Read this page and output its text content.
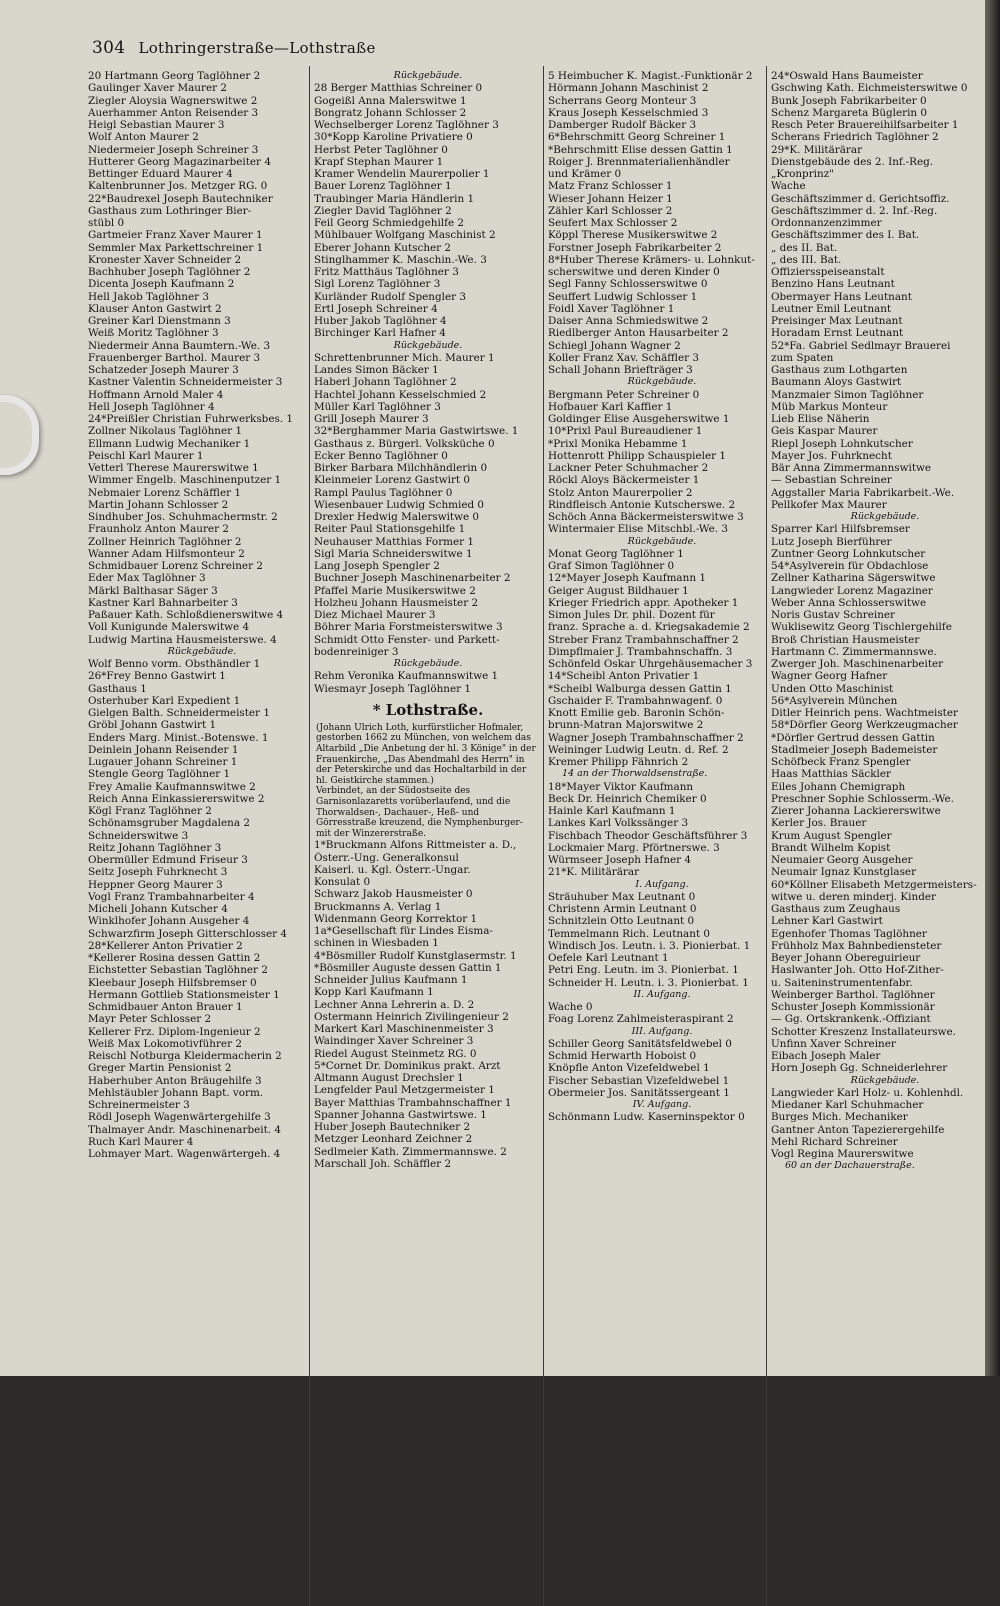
304 Lothringerstraße—Lothstraße
20 Hartmann Georg Taglöhner 2
Gaulinger Xaver Maurer 2
Ziegler Aloysia Wagnerswitwe 2
Auerhammer Anton Reisender 3
Heigl Sebastian Maurer 3
Wolf Anton Maurer 2
Niedermeier Joseph Schreiner 3
Hutterer Georg Magazinarbeiter 4
Bettinger Eduard Maurer 4
Kaltenbrunner Jos. Metzger RG. 0
22*Baudrexel Joseph Bautechniker
Gasthaus zum Lothringer Bier-
stübl 0
Gartmeier Franz Xaver Maurer 1
Semmler Max Parkettschreiner 1
Kronester Xaver Schneider 2
Bachhuber Joseph Taglöhner 2
Dicenta Joseph Kaufmann 2
Hell Jakob Taglöhner 3
Klauser Anton Gastwirt 2
Greiner Karl Dienstmann 3
Weiß Moritz Taglöhner 3
Niedermeir Anna Baumtern.-We. 3
Frauenberger Barthol. Maurer 3
Schatzeder Joseph Maurer 3
Kastner Valentin Schneidermeister 3
Hoffmann Arnold Maler 4
Hell Joseph Taglöhner 4
24*Preißler Christian Fuhrwerksbes. 1
Zollner Nikolaus Taglöhner 1
Ellmann Ludwig Mechaniker 1
Peischl Karl Maurer 1
Vetterl Therese Maurerswitwe 1
Wimmer Engelb. Maschinenputzer 1
Nebmaier Lorenz Schäffler 1
Martin Johann Schlosser 2
Sindhuber Jos. Schuhmachermstr. 2
Fraunholz Anton Maurer 2
Zollner Heinrich Taglöhner 2
Wanner Adam Hilfsmonteur 2
Schmidbauer Lorenz Schreiner 2
Eder Max Taglöhner 3
Märkl Balthasar Säger 3
Kastner Karl Bahnarbeiter 3
Paßauer Kath. Schloßdienerswitwe 4
Voll Kunigunde Malerswitwe 4
Ludwig Martina Hausmeisterswe. 4
Rückgebäude.
Wolf Benno vorm. Obsthändler 1
26*Frey Benno Gastwirt 1
Gasthaus 1
Osterhuber Karl Expedient 1
Gielgen Balth. Schneidermeister 1
Gröbl Johann Gastwirt 1
Enders Marg. Minist.-Botenswe. 1
Deinlein Johann Reisender 1
Lugauer Johann Schreiner 1
Stengle Georg Taglöhner 1
Frey Amalie Kaufmannswitwe 2
Reich Anna Einkassiererswitwe 2
Kögl Franz Taglöhner 2
Schönamsgruber Magdalena 2
Schneiderswitwe 3
Reitz Johann Taglöhner 3
Obermüller Edmund Friseur 3
Seitz Joseph Fuhrknecht 3
Heppner Georg Maurer 3
Vogl Franz Trambahnarbeiter 4
Micheli Johann Kutscher 4
Winklhofer Johann Ausgeher 4
Schwarzfirm Joseph Gitterschlosser 4
28*Kellerer Anton Privatier 2
*Kellerer Rosina dessen Gattin 2
Eichstetter Sebastian Taglöhner 2
Kleebaur Joseph Hilfsbremser 0
Hermann Gottlieb Stationsmeister 1
Schmidbauer Anton Brauer 1
Mayr Peter Schlosser 2
Kellerer Frz. Diplom-Ingenieur 2
Weiß Max Lokomotivführer 2
Reischl Notburga Kleidermacherin 2
Greger Martin Pensionist 2
Haberhuber Anton Bräugehilfe 3
Mehlstäubler Johann Bapt. vorm.
Schreinermeister 3
Rödl Joseph Wagenwärtergehilfe 3
Thalmayer Andr. Maschinenarbeit. 4
Ruch Karl Maurer 4
Lohmayer Mart. Wagenwärtergeh. 4
Rückgebäude.
28 Berger Matthias Schreiner 0
Gogeißl Anna Malerswitwe 1
Bongratz Johann Schlosser 2
Wechselberger Lorenz Taglöhner 3
30*Kopp Karoline Privatiere 0
Herbst Peter Taglöhner 0
Krapf Stephan Maurer 1
Kramer Wendelin Maurerpolier 1
Bauer Lorenz Taglöhner 1
Traubinger Maria Händlerin 1
Ziegler David Taglöhner 2
Feil Georg Schmiedgehilfe 2
Mühlbauer Wolfgang Maschinist 2
Eberer Johann Kutscher 2
Stinglhammer K. Maschin.-We. 3
Fritz Matthäus Taglöhner 3
Sigl Lorenz Taglöhner 3
Kurländer Rudolf Spengler 3
Ertl Joseph Schreiner 4
Huber Jakob Taglöhner 4
Birchinger Karl Hafner 4
Rückgebäude.
Schrettenbrunner Mich. Maurer 1
Landes Simon Bäcker 1
Haberl Johann Taglöhner 2
Hachtel Johann Kesselschmied 2
Müller Karl Taglöhner 3
Grill Joseph Maurer 3
32*Berghammer Maria Gastwirtswe. 1
Gasthaus z. Bürgerl. Volksküche 0
Ecker Benno Taglöhner 0
Birker Barbara Milchhändlerin 0
Kleinmeier Lorenz Gastwirt 0
Rampl Paulus Taglöhner 0
Wiesenbauer Ludwig Schmied 0
Drexler Hedwig Malerswitwe 0
Reiter Paul Stationsgehilfe 1
Neuhauser Matthias Former 1
Sigl Maria Schneiderswitwe 1
Lang Joseph Spengler 2
Buchner Joseph Maschinenarbeiter 2
Pfaffel Marie Musikerswitwe 2
Holzheu Johann Hausmeister 2
Diez Michael Maurer 3
Böhrer Maria Forstmeisterswitwe 3
Schmidt Otto Fenster- und Parkett-
bodenreiniger 3
Rückgebäude.
Rehm Veronika Kaufmannswitwe 1
Wiesmayr Joseph Taglöhner 1
* Lothstraße.
(Johann Ulrich Loth, kurfürstlicher Hofmaler, gestorben 1662 zu München, von welchem das Altarbild „Die Anbetung der hl. 3 Könige" in der Frauenkirche, „Das Abendmahl des Herrn" in der Peterskirche und das Hochaltarbild in der hl. Geistkirche stammen.)
Verbindet, an der Südostseite des Garnisonlazaretts vorüberlaufend, und die Thorwaldsen-, Dachauer-, Heß- und Görresstraße kreuzend, die Nymphenburger- mit der Winzererstraße.
1*Bruckmann Alfons Rittmeister a. D.,
Österr.-Ung. Generalkonsul
Kaiserl. u. Kgl. Österr.-Ungar.
Konsulat 0
Schwarz Jakob Hausmeister 0
Bruckmanns A. Verlag 1
Widenmann Georg Korrektor 1
1a*Gesellschaft für Lindes Eisma-
schinen in Wiesbaden 1
4*Bösmiller Rudolf Kunstglasermstr. 1
*Bösmiller Auguste dessen Gattin 1
Schneider Julius Kaufmann 1
Kopp Karl Kaufmann 1
Lechner Anna Lehrerin a. D. 2
Ostermann Heinrich Zivilingenieur 2
Markert Karl Maschinenmeister 3
Waindinger Xaver Schreiner 3
Riedel August Steinmetz RG. 0
5*Cornet Dr. Dominikus prakt. Arzt
Altmann August Drechsler 1
Lengfelder Paul Metzgermeister 1
Bayer Matthias Trambahnschaffner 1
Spanner Johanna Gastwirtswe. 1
Huber Joseph Bautechniker 2
Metzger Leonhard Zeichner 2
Sedlmeier Kath. Zimmermannswe. 2
Marschall Joh. Schäffler 2
5 Heimbucher K. Magist.-Funktionär 2
Hörmann Johann Maschinist 2
Scherrans Georg Monteur 3
Kraus Joseph Kesselschmied 3
Damberger Rudolf Bäcker 3
6*Behrschmitt Georg Schreiner 1
*Behrschmitt Elise dessen Gattin 1
Roiger J. Brennmaterialienhändler
und Krämer 0
Matz Franz Schlosser 1
Wieser Johann Heizer 1
Zähler Karl Schlosser 2
Seufert Max Schlosser 2
Köppl Therese Musikerswitwe 2
Forstner Joseph Fabrikarbeiter 2
8*Huber Therese Krämers- u. Lohnkut-
scherswitwe und deren Kinder 0
Segl Fanny Schlosserswitwe 0
Seuffert Ludwig Schlosser 1
Foidl Xaver Taglöhner 1
Daiser Anna Schmiedswitwe 2
Riedlberger Anton Hausarbeiter 2
Schiegl Johann Wagner 2
Koller Franz Xav. Schäffler 3
Schall Johann Briefträger 3
Rückgebäude.
Bergmann Peter Schreiner 0
Hofbauer Karl Kaffier 1
Goldinger Elise Ausgeherswitwe 1
10*Prixl Paul Bureaudiener 1
*Prixl Monika Hebamme 1
Hottenrott Philipp Schauspieler 1
Lackner Peter Schuhmacher 2
Röckl Aloys Bäckermeister 1
Stolz Anton Maurerpolier 2
Rindfleisch Antonie Kutscherswe. 2
Schöch Anna Bäckermeisterswitwe 3
Wintermaier Elise Mitschbl.-We. 3
Rückgebäude.
Monat Georg Taglöhner 1
Graf Simon Taglöhner 0
12*Mayer Joseph Kaufmann 1
Geiger August Bildhauer 1
Krieger Friedrich appr. Apotheker 1
Simon Jules Dr. phil. Dozent für
franz. Sprache a. d. Kriegsakademie 2
Streber Franz Trambahnschaffner 2
Dimpflmaier J. Trambahnschaffn. 3
Schönfeld Oskar Uhrgehäusemacher 3
14*Scheibl Anton Privatier 1
*Scheibl Walburga dessen Gattin 1
Gschaider F. Trambahnwagenf. 0
Knott Emilie geb. Baronin Schön-
brunn-Matran Majorswitwe 2
Wagner Joseph Trambahnschaffner 2
Weininger Ludwig Leutn. d. Ref. 2
Kremer Philipp Fähnrich 2
14 an der Thorwaldsenstraße.
18*Mayer Viktor Kaufmann
Beck Dr. Heinrich Chemiker 0
Hainle Karl Kaufmann 1
Lankes Karl Volkssänger 3
Fischbach Theodor Geschäftsführer 3
Lockmaier Marg. Pförtnerswe. 3
Würmseer Joseph Hafner 4
21*K. Militärärar
I. Aufgang.
Sträuhuber Max Leutnant 0
Christenn Armin Leutnant 0
Schnitzlein Otto Leutnant 0
Temmelmann Rich. Leutnant 0
Windisch Jos. Leutn. i. 3. Pionierbat. 1
Oefele Karl Leutnant 1
Petri Eng. Leutn. im 3. Pionierbat. 1
Schneider H. Leutn. i. 3. Pionierbat. 1
II. Aufgang.
Wache 0
Foag Lorenz Zahlmeisteraspirant 2
III. Aufgang.
Schiller Georg Sanitätsfeldwebel 0
Schmid Herwarth Hoboist 0
Knöpfle Anton Vizefeldwebel 1
Fischer Sebastian Vizefeldwebel 1
Obermeier Jos. Sanitätssergeant 1
IV. Aufgang.
Schönmann Ludw. Kaserninspektor 0
24*Oswald Hans Baumeister
Gschwing Kath. Eichmeisterswitwe 0
Bunk Joseph Fabrikarbeiter 0
Schenz Margareta Büglerin 0
Resch Peter Brauereihilfsarbeiter 1
Scherans Friedrich Taglöhner 2
29*K. Militärärar
Dienstgebäude des 2. Inf.-Reg.
„Kronprinz"
Wache
Geschäftszimmer d. Gerichtsoffiz.
Geschäftszimmer d. 2. Inf.-Reg.
Ordonnanzenzimmer
Geschäftszimmer des I. Bat.
„ des II. Bat.
„ des III. Bat.
Offiziersspeiseanstalt
Benzino Hans Leutnant
Obermayer Hans Leutnant
Leutner Emil Leutnant
Preisinger Max Leutnant
Horadam Ernst Leutnant
52*Fa. Gabriel Sedlmayr Brauerei
zum Spaten
Gasthaus zum Lothgarten
Baumann Aloys Gastwirt
Manzmaier Simon Taglöhner
Müb Markus Monteur
Lieb Elise Näherin
Geis Kaspar Maurer
Riepl Joseph Lohnkutscher
Mayer Jos. Fuhrknecht
Bär Anna Zimmermannswitwe
— Sebastian Schreiner
Aggstaller Maria Fabrikarbeit.-We.
Pellkofer Max Maurer
Rückgebäude.
Sparrer Karl Hilfsbremser
Lutz Joseph Bierführer
Zuntner Georg Lohnkutscher
54*Asylverein für Obdachlose
Zellner Katharina Sägerswitwe
Langwieder Lorenz Magaziner
Weber Anna Schlosserswitwe
Noris Gustav Schreiner
Wuklisewitz Georg Tischlergehilfe
Broß Christian Hausmeister
Hartmann C. Zimmermannswe.
Zwerger Joh. Maschinenarbeiter
Wagner Georg Hafner
Unden Otto Maschinist
56*Asylverein München
Ditler Heinrich pens. Wachtmeister
58*Dörfler Georg Werkzeugmacher
*Dörfler Gertrud dessen Gattin
Stadlmeier Joseph Bademeister
Schöfbeck Franz Spengler
Haas Matthias Säckler
Eiles Johann Chemigraph
Preschner Sophie Schlosserm.-We.
Zierer Johanna Lackiererswitwe
Kerler Jos. Brauer
Krum August Spengler
Brandt Wilhelm Kopist
Neumaier Georg Ausgeher
Neumair Ignaz Kunstglaser
60*Köllner Elisabeth Metzgermeisters-
witwe u. deren minderj. Kinder
Gasthaus zum Zeughaus
Lehner Karl Gastwirt
Egenhofer Thomas Taglöhner
Frühholz Max Bahnbediensteter
Beyer Johann Obereguirieur
Haslwanter Joh. Otto Hof-Zither-
u. Saiteninstrumentenfabr.
Weinberger Barthol. Taglöhner
Schuster Joseph Kommissionär
— Gg. Ortskrankenk.-Offiziant
Schotter Kreszenz Installateurswe.
Unfinn Xaver Schreiner
Eibach Joseph Maler
Horn Joseph Gg. Schneiderlehrer
Rückgebäude.
Langwieder Karl Holz- u. Kohlenhdl.
Miedaner Karl Schuhmacher
Burges Mich. Mechaniker
Gantner Anton Tapezierergehilfe
Mehl Richard Schreiner
Vogl Regina Maurerswitwe
60 an der Dachauerstraße.
